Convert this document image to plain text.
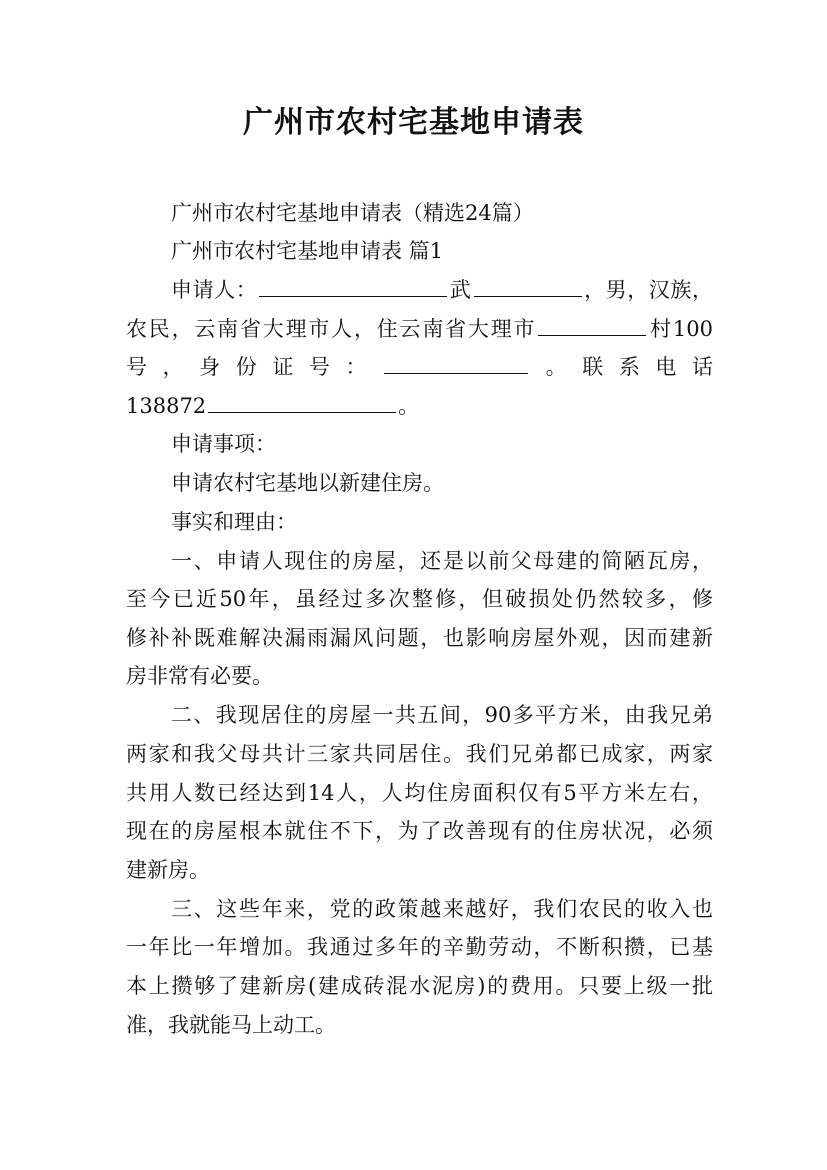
广州市农村宅基地申请表
广州市农村宅基地申请表（精选24篇）
广州市农村宅基地申请表 篇1
申请人：	武	，男，汉族，
农民，云南省大理市人，住云南省大理市	村100
号，身份证号：	。联系电话
138872	。
申请事项：
申请农村宅基地以新建住房。
事实和理由：
一、申请人现住的房屋，还是以前父母建的简陋瓦房，
至今已近50年，虽经过多次整修，但破损处仍然较多，修
修补补既难解决漏雨漏风问题，也影响房屋外观，因而建新
房非常有必要。
二、我现居住的房屋一共五间，90多平方米，由我兄弟
两家和我父母共计三家共同居住。我们兄弟都已成家，两家
共用人数已经达到14人，人均住房面积仅有5平方米左右，
现在的房屋根本就住不下，为了改善现有的住房状况，必须
建新房。
三、这些年来，党的政策越来越好，我们农民的收入也
一年比一年增加。我通过多年的辛勤劳动，不断积攒，已基
本上攒够了建新房(建成砖混水泥房)的费用。只要上级一批
准，我就能马上动工。
